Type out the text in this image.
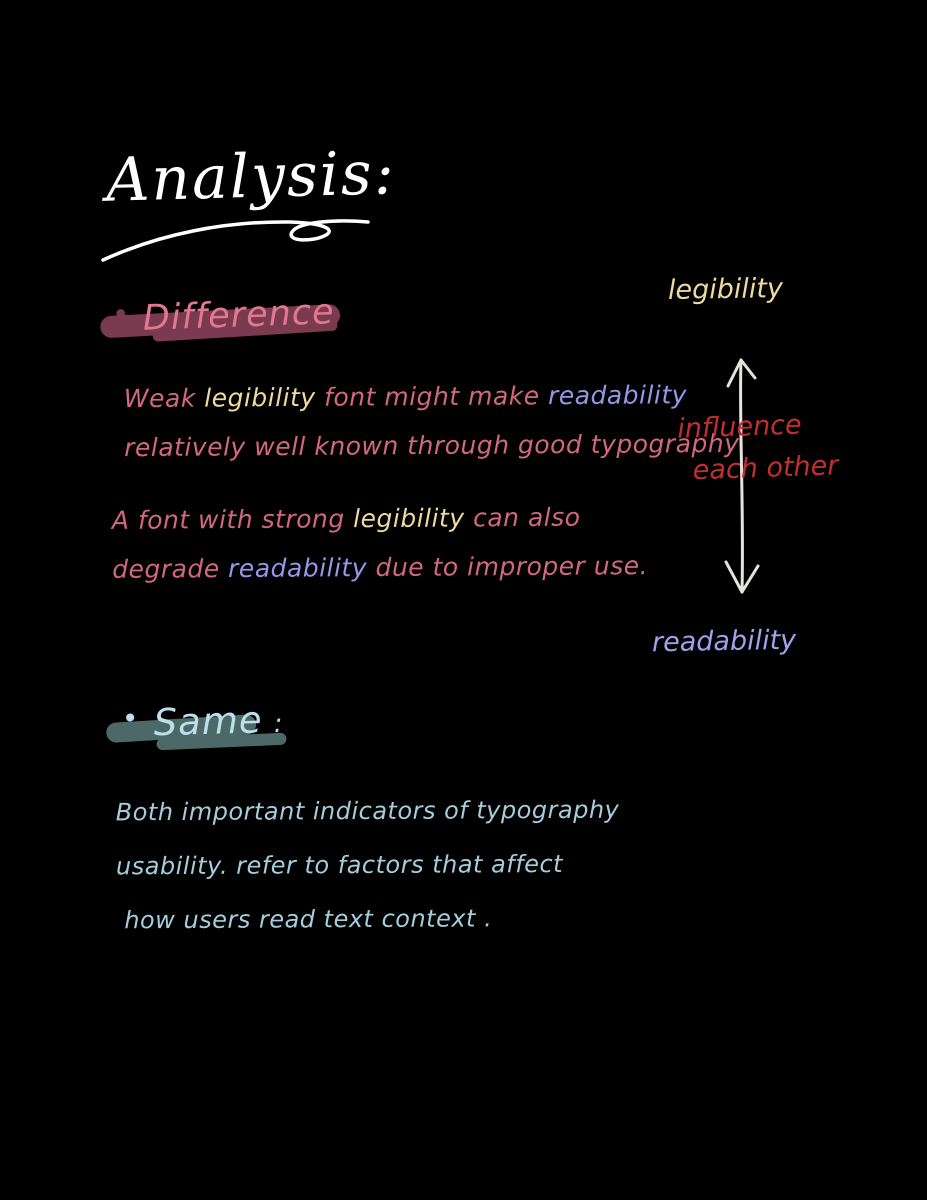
Analysis:
• Difference
Weak legibility font might make readability
relatively well known through good typography
A font with strong legibility can also
degrade readability due to improper use.
legibility
influence
each other
readability
• Same :
Both important indicators of typography
usability. refer to factors that affect
how users read text context .
